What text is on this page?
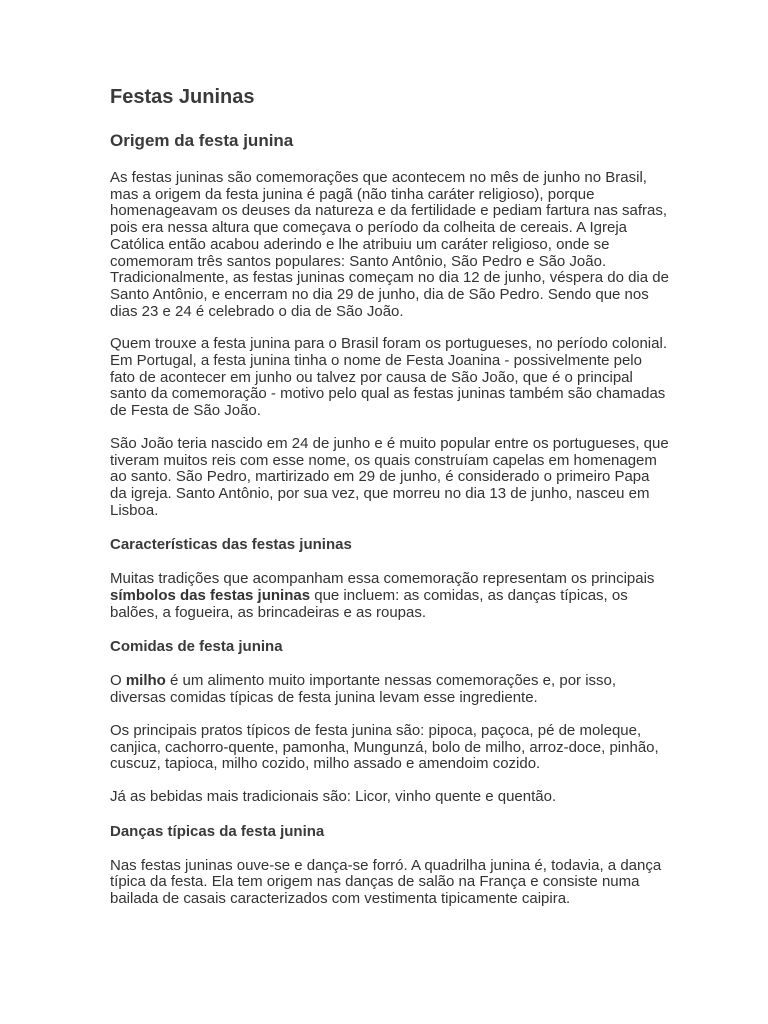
Festas Juninas
Origem da festa junina

As festas juninas são comemorações que acontecem no mês de junho no Brasil, mas a origem da festa junina é pagã (não tinha caráter religioso), porque homenageavam os deuses da natureza e da fertilidade e pediam fartura nas safras, pois era nessa altura que começava o período da colheita de cereais. A Igreja Católica então acabou aderindo e lhe atribuiu um caráter religioso, onde se comemoram três santos populares: Santo Antônio, São Pedro e São João. Tradicionalmente, as festas juninas começam no dia 12 de junho, véspera do dia de Santo Antônio, e encerram no dia 29 de junho, dia de São Pedro. Sendo que nos dias 23 e 24 é celebrado o dia de São João.

Quem trouxe a festa junina para o Brasil foram os portugueses, no período colonial. Em Portugal, a festa junina tinha o nome de Festa Joanina - possivelmente pelo fato de acontecer em junho ou talvez por causa de São João, que é o principal santo da comemoração - motivo pelo qual as festas juninas também são chamadas de Festa de São João.

São João teria nascido em 24 de junho e é muito popular entre os portugueses, que tiveram muitos reis com esse nome, os quais construíam capelas em homenagem ao santo. São Pedro, martirizado em 29 de junho, é considerado o primeiro Papa da igreja. Santo Antônio, por sua vez, que morreu no dia 13 de junho, nasceu em Lisboa.

Características das festas juninas

Muitas tradições que acompanham essa comemoração representam os principais símbolos das festas juninas que incluem: as comidas, as danças típicas, os balões, a fogueira, as brincadeiras e as roupas.

Comidas de festa junina

O milho é um alimento muito importante nessas comemorações e, por isso, diversas comidas típicas de festa junina levam esse ingrediente.

Os principais pratos típicos de festa junina são: pipoca, paçoca, pé de moleque, canjica, cachorro-quente, pamonha, Mungunzá, bolo de milho, arroz-doce, pinhão, cuscuz, tapioca, milho cozido, milho assado e amendoim cozido.

Já as bebidas mais tradicionais são: Licor, vinho quente e quentão.

Danças típicas da festa junina

Nas festas juninas ouve-se e dança-se forró. A quadrilha junina é, todavia, a dança típica da festa. Ela tem origem nas danças de salão na França e consiste numa bailada de casais caracterizados com vestimenta tipicamente caipira.
